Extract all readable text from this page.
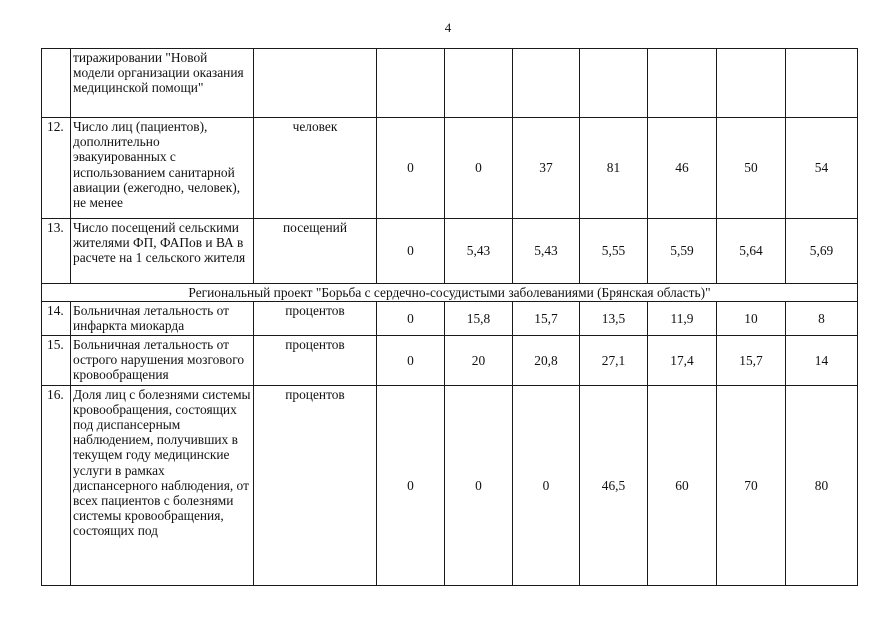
4
	тиражировании "Новой модели организации оказания медицинской помощи"								
12.	Число лиц (пациентов), дополнительно эвакуированных с использованием санитарной авиации (ежегодно, человек), не менее	человек	0	0	37	81	46	50	54
13.	Число посещений сельскими жителями ФП, ФАПов и ВА в расчете на 1 сельского жителя	посещений	0	5,43	5,43	5,55	5,59	5,64	5,69
Региональный проект "Борьба с сердечно-сосудистыми заболеваниями (Брянская область)"									
14.	Больничная летальность от инфаркта миокарда	процентов	0	15,8	15,7	13,5	11,9	10	8
15.	Больничная летальность от острого нарушения мозгового кровообращения	процентов	0	20	20,8	27,1	17,4	15,7	14
16.	Доля лиц с болезнями системы кровообращения, состоящих под диспансерным наблюдением, получивших в текущем году медицинские услуги в рамках диспансерного наблюдения, от всех пациентов с болезнями системы кровообращения, состоящих под	процентов	0	0	0	46,5	60	70	80
